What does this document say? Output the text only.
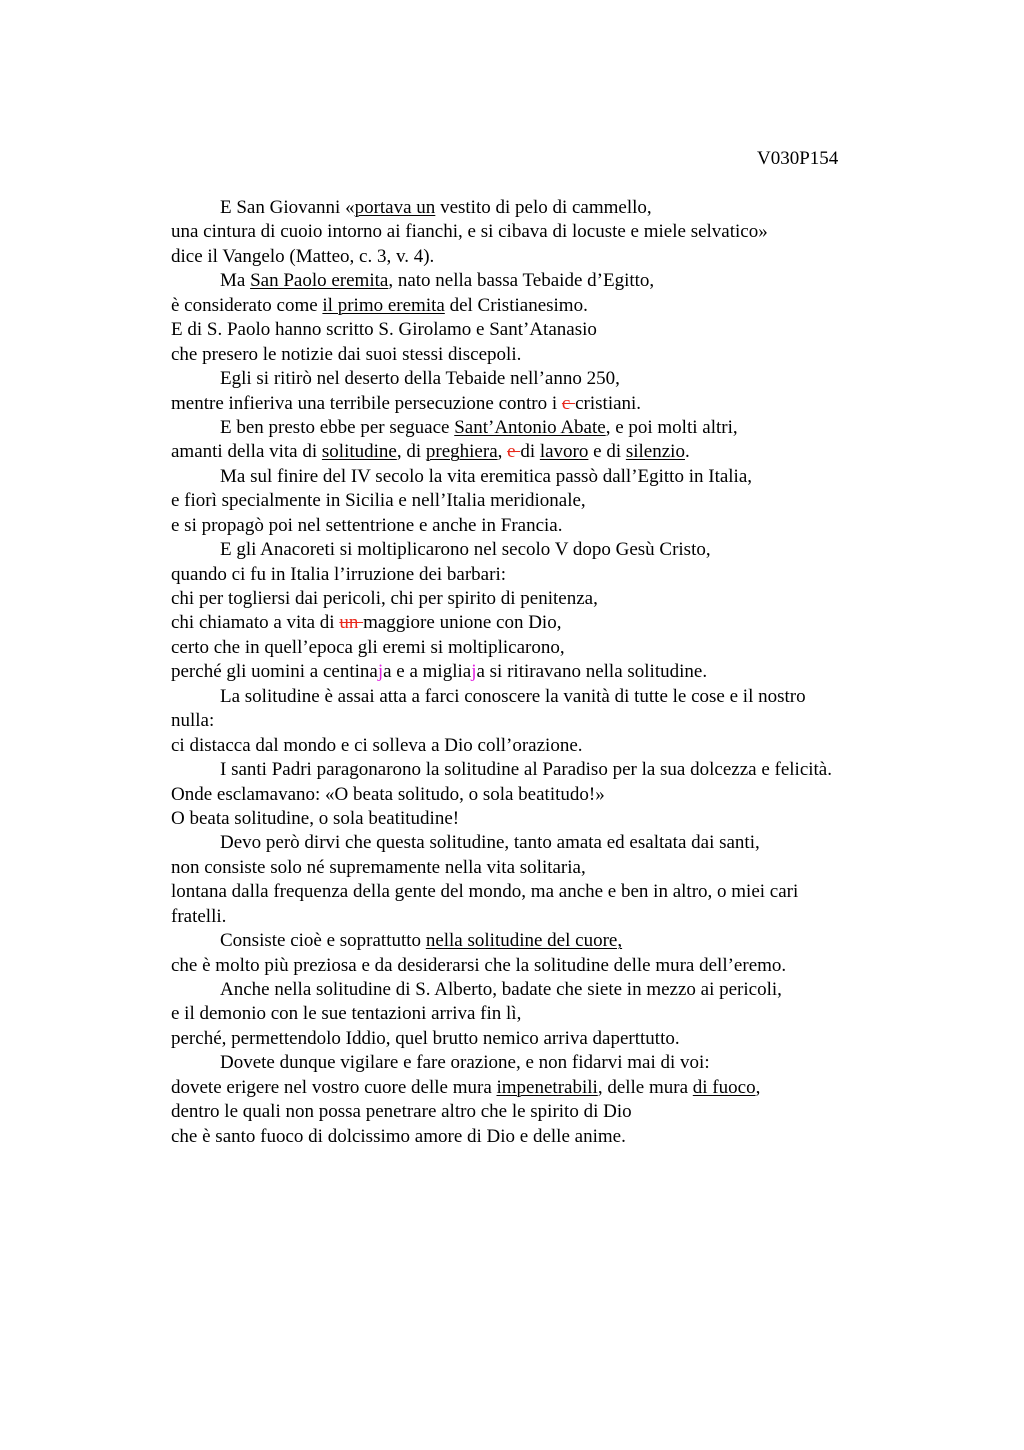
V030P154
E San Giovanni «portava un vestito di pelo di cammello,
una cintura di cuoio intorno ai fianchi, e si cibava di locuste e miele selvatico»
dice il Vangelo (Matteo, c. 3, v. 4).
Ma San Paolo eremita, nato nella bassa Tebaide d’Egitto,
è considerato come il primo eremita del Cristianesimo.
E di S. Paolo hanno scritto S. Girolamo e Sant’Atanasio
che presero le notizie dai suoi stessi discepoli.
Egli si ritirò nel deserto della Tebaide nell’anno 250,
mentre infieriva una terribile persecuzione contro i c cristiani.
E ben presto ebbe per seguace Sant’Antonio Abate, e poi molti altri,
amanti della vita di solitudine, di preghiera, e di lavoro e di silenzio.
Ma sul finire del IV secolo la vita eremitica passò dall’Egitto in Italia,
e fiorì specialmente in Sicilia e nell’Italia meridionale,
e si propagò poi nel settentrione e anche in Francia.
E gli Anacoreti si moltiplicarono nel secolo V dopo Gesù Cristo,
quando ci fu in Italia l’irruzione dei barbari:
chi per togliersi dai pericoli, chi per spirito di penitenza,
chi chiamato a vita di un maggiore unione con Dio,
certo che in quell’epoca gli eremi si moltiplicarono,
perché gli uomini a centinaja e a migliaja si ritiravano nella solitudine.
La solitudine è assai atta a farci conoscere la vanità di tutte le cose e il nostro
nulla:
ci distacca dal mondo e ci solleva a Dio coll’orazione.
I santi Padri paragonarono la solitudine al Paradiso per la sua dolcezza e felicità.
Onde esclamavano: «O beata solitudo, o sola beatitudo!»
O beata solitudine, o sola beatitudine!
Devo però dirvi che questa solitudine, tanto amata ed esaltata dai santi,
non consiste solo né supremamente nella vita solitaria,
lontana dalla frequenza della gente del mondo, ma anche e ben in altro, o miei cari
fratelli.
Consiste cioè e soprattutto nella solitudine del cuore,
che è molto più preziosa e da desiderarsi che la solitudine delle mura dell’eremo.
Anche nella solitudine di S. Alberto, badate che siete in mezzo ai pericoli,
e il demonio con le sue tentazioni arriva fin lì,
perché, permettendolo Iddio, quel brutto nemico arriva daperttutto.
Dovete dunque vigilare e fare orazione, e non fidarvi mai di voi:
dovete erigere nel vostro cuore delle mura impenetrabili, delle mura di fuoco,
dentro le quali non possa penetrare altro che le spirito di Dio
che è santo fuoco di dolcissimo amore di Dio e delle anime.
